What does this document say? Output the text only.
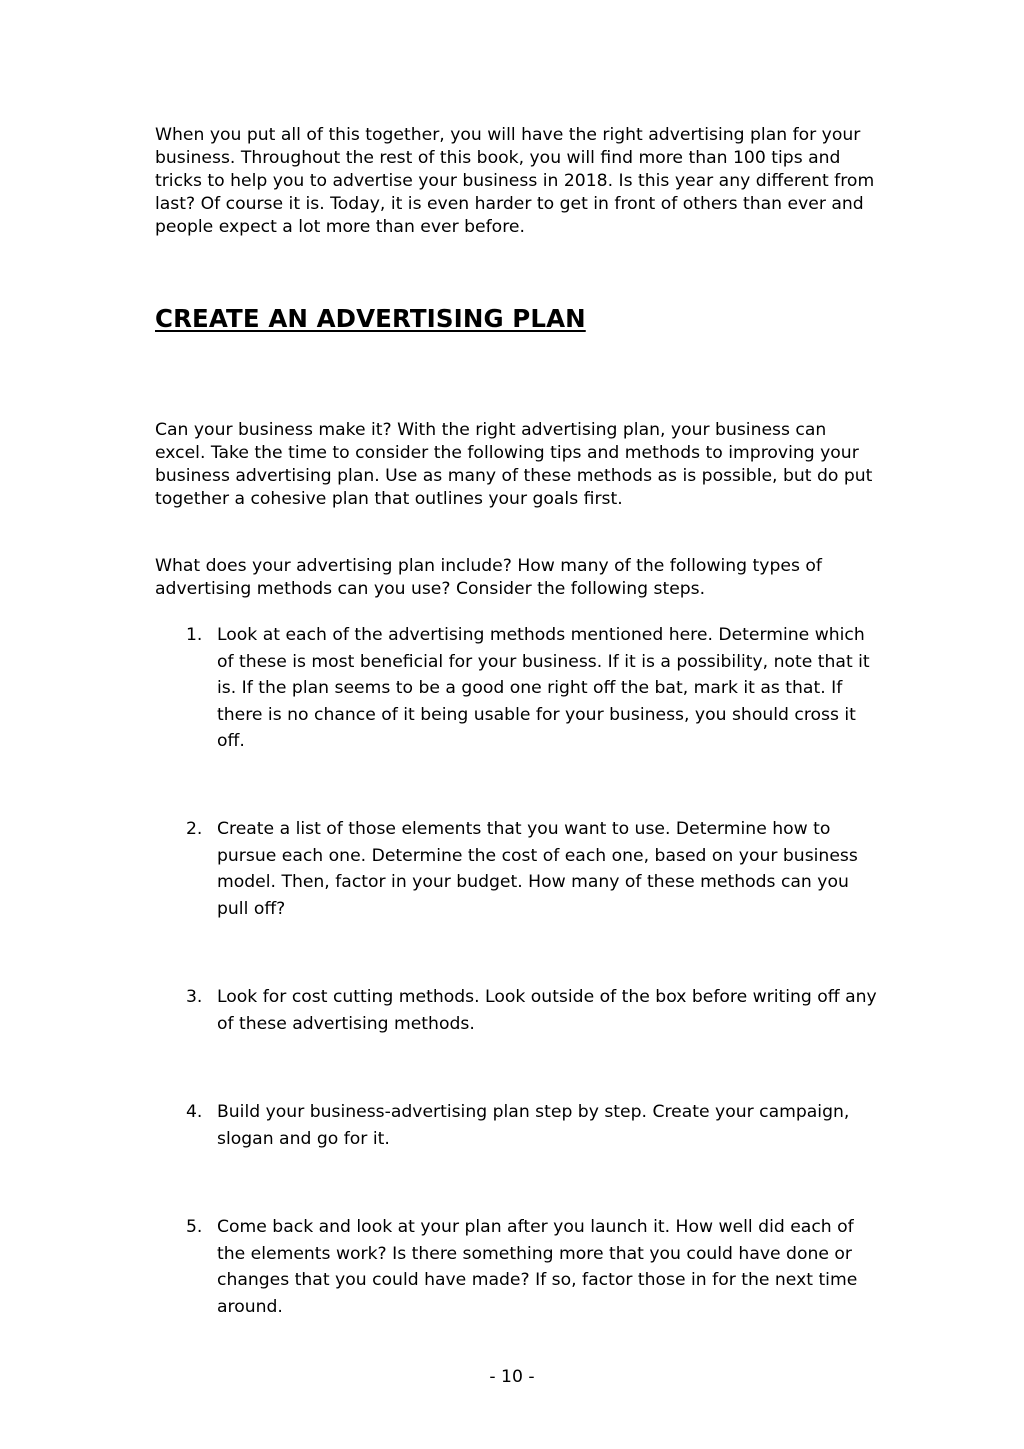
When you put all of this together, you will have the right advertising plan for your business. Throughout the rest of this book, you will find more than 100 tips and tricks to help you to advertise your business in 2018. Is this year any different from last? Of course it is. Today, it is even harder to get in front of others than ever and people expect a lot more than ever before.

CREATE AN ADVERTISING PLAN

Can your business make it? With the right advertising plan, your business can excel. Take the time to consider the following tips and methods to improving your business advertising plan. Use as many of these methods as is possible, but do put together a cohesive plan that outlines your goals first.

What does your advertising plan include? How many of the following types of advertising methods can you use? Consider the following steps.

1. Look at each of the advertising methods mentioned here. Determine which of these is most beneficial for your business. If it is a possibility, note that it is. If the plan seems to be a good one right off the bat, mark it as that. If there is no chance of it being usable for your business, you should cross it off.
2. Create a list of those elements that you want to use. Determine how to pursue each one. Determine the cost of each one, based on your business model. Then, factor in your budget. How many of these methods can you pull off?
3. Look for cost cutting methods. Look outside of the box before writing off any of these advertising methods.
4. Build your business-advertising plan step by step. Create your campaign, slogan and go for it.
5. Come back and look at your plan after you launch it. How well did each of the elements work? Is there something more that you could have done or changes that you could have made? If so, factor those in for the next time around.
- 10 -
